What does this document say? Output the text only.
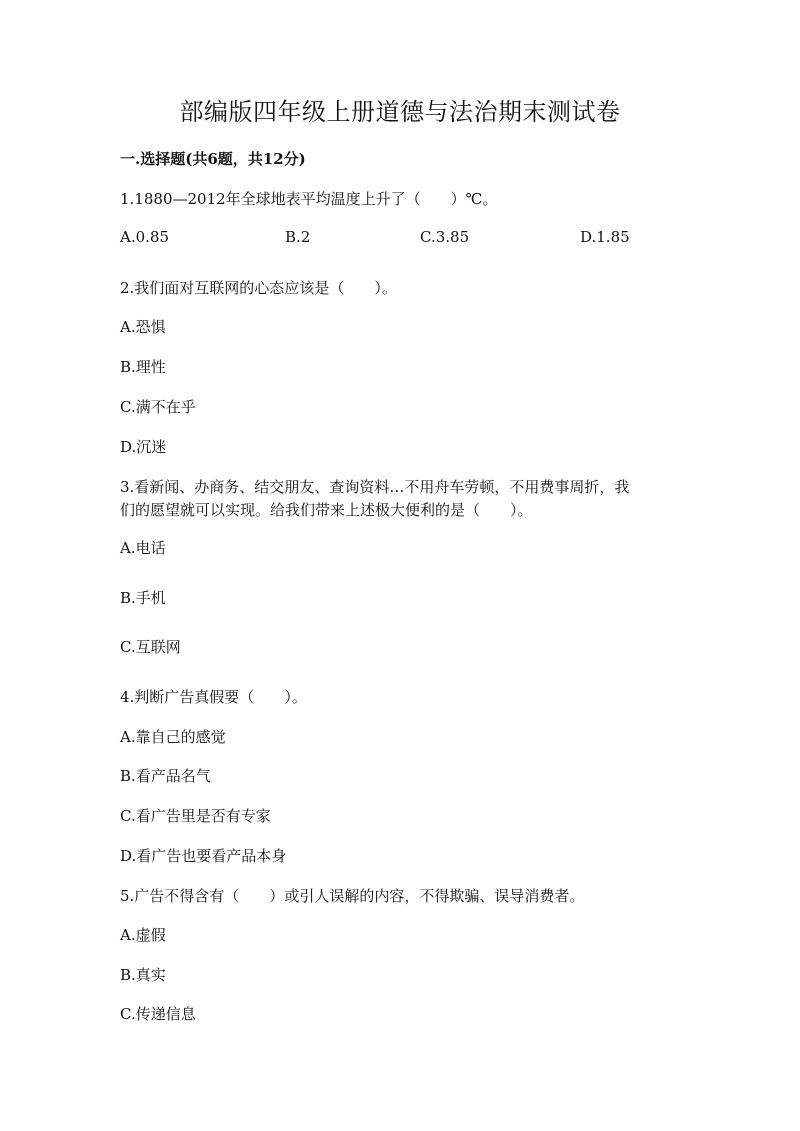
部编版四年级上册道德与法治期末测试卷
一.选择题(共6题，共12分)
1.1880—2012年全球地表平均温度上升了（　　）℃。
A.0.85	B.2	C.3.85	D.1.85
2.我们面对互联网的心态应该是（　　）。
A.恐惧
B.理性
C.满不在乎
D.沉迷
3.看新闻、办商务、结交朋友、查询资料…不用舟车劳顿，不用费事周折，我
们的愿望就可以实现。给我们带来上述极大便利的是（　　）。
A.电话
B.手机
C.互联网
4.判断广告真假要（　　）。
A.靠自己的感觉
B.看产品名气
C.看广告里是否有专家
D.看广告也要看产品本身
5.广告不得含有（　　）或引人误解的内容，不得欺骗、误导消费者。
A.虚假
B.真实
C.传递信息
